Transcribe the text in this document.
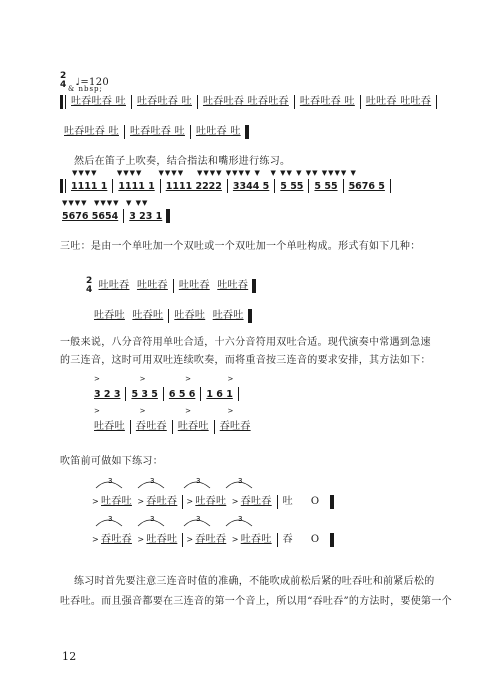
2
4 ♩=120
& nbsp;
吐吞吐吞 吐 吐吞吐吞 吐 吐吞吐吞 吐吞吐吞 吐吞吐吞 吐 吐吐吞 吐吐吞
吐吞吐吞 吐 吐吞吐吞 吐 吐吐吞 吐
然后在笛子上吹奏，结合指法和嘴形进行练习。
▼▼▼▼      ▼▼▼▼     ▼▼▼▼    ▼▼▼▼ ▼▼▼▼ ▼   ▼ ▼▼ ▼ ▼▼ ▼▼▼▼ ▼
1111 1 1111 1 1111 2222 3344 5 5 55 5 55 5676 5
▼▼▼▼  ▼▼▼▼  ▼ ▼▼
5676 5654 3 23 1
三吐：是由一个单吐加一个双吐或一个双吐加一个单吐构成。形式有如下几种：
2
4 吐吐吞 吐吐吞 吐吐吞 吐吐吞
吐吞吐 吐吞吐 吐吞吐 吐吞吐
一般来说，八分音符用单吐合适，十六分音符用双吐合适。现代演奏中常遇到急速的三连音，这时可用双吐连续吹奏，而将重音按三连音的要求安排，其方法如下：
>            >            >           >
3 2 3 5 3 5 6 5 6 1 6 1
>            >            >           >
吐吞吐 吞吐吞 吐吞吐 吞吐吞
吹笛前可做如下练习：
3	3	3	3
> 吐吞吐 > 吞吐吞 > 吐吞吐 > 吞吐吞 吐 O
3	3	3	3
> 吞吐吞 > 吐吞吐 > 吞吐吞 > 吐吞吐 吞 O
练习时首先要注意三连音时值的准确，不能吹成前松后紧的吐吞吐和前紧后松的
吐吞吐。而且强音都要在三连音的第一个音上，所以用“吞吐吞”的方法时，要使第一个
12
